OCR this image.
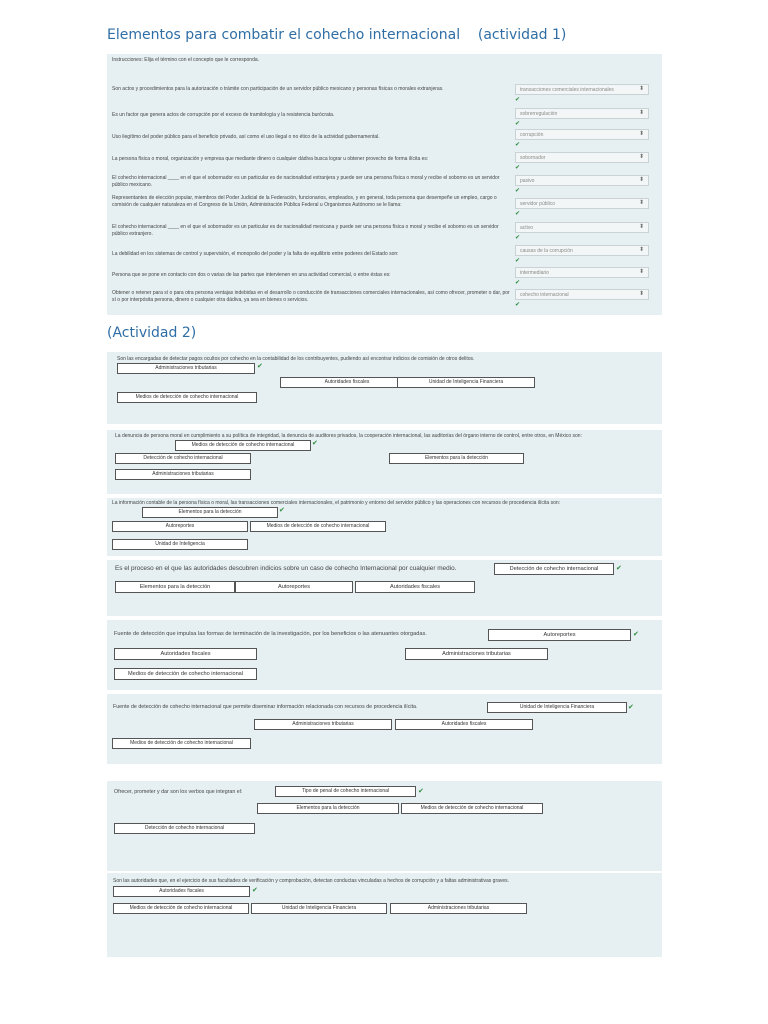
Elementos para combatir el cohecho internacional    (actividad 1)
Instrucciones: Elija el término con el concepto que le corresponda.
Son actos y procedimientos para la autorización o trámite con participación de un servidor público mexicano y personas físicas o morales extranjeras.	transacciones comerciales internacionales	⬍
✔
Es un factor que genera actos de corrupción por el exceso de tramitología y la resistencia burócrata.	sobrerregulación	⬍
✔
Uso ilegítimo del poder público para el beneficio privado, así como el uso ilegal o no ético de la actividad gubernamental.	corrupción	⬍
✔
La persona física o moral, organización y empresa que mediante dinero o cualquier dádiva busca lograr u obtener provecho de forma ilícita es:	sobornador	⬍
✔
El cohecho internacional ____ en el que el sobornador es un particular es de nacionalidad extranjera y puede ser una persona física o moral y recibe el soborno es un servidor público mexicano.
pasivo	⬍
✔
Representantes de elección popular, miembros del Poder Judicial de la Federación, funcionarios, empleados, y en general, toda persona que desempeñe un empleo, cargo o comisión de cualquier naturaleza en el Congreso de la Unión, Administración Pública Federal u Organismos Autónomo se le llama:	servidor público	⬍
✔
El cohecho internacional ____ en el que el sobornador es un particular es de nacionalidad mexicana y puede ser una persona física o moral y recibe el soborno es un servidor público extranjero.
activo	⬍
✔
La debilidad en los sistemas de control y supervisión, el monopolio del poder y la falta de equilibrio entre poderes del Estado son:	causas de la corrupción	⬍
✔
Persona que se pone en contacto con dos o varias de las partes que intervienen en una actividad comercial, o entre éstas es:	intermediario	⬍
✔
Obtener o retener para sí o para otra persona ventajas indebidas en el desarrollo o conducción de transacciones comerciales internacionales, así como ofrecer, prometer o dar, por sí o por interpósita persona, dinero o cualquier otra dádiva, ya sea en bienes o servicios.
cohecho internacional	⬍
✔
(Actividad 2)
Son las encargadas de detectar pagos ocultos por cohecho en la contabilidad de los contribuyentes, pudiendo así encontrar indicios de comisión de otros delitos.
Administraciones tributarias	✔
Autoridades fiscales	Unidad de Inteligencia Financiera
Medios de detección de cohecho internacional
La denuncia de persona moral en cumplimiento a su política de integridad, la denuncia de auditores privados, la cooperación internacional, las auditorías del órgano interno de control, entre otros, en México son:
Medios de detección de cohecho internacional	✔
Detección de cohecho internacional	Elementos para la detección
Administraciones tributarias
La información contable de la persona física o moral, las transacciones comerciales internacionales, el patrimonio y entorno del servidor público y las operaciones con recursos de procedencia ilícita son:
Elementos para la detección	✔
Autoreportes	Medios de detección de cohecho internacional
Unidad de Inteligencia
Es el proceso en el que las autoridades descubren indicios sobre un caso de cohecho Internacional por cualquier medio.	Detección de cohecho internacional	✔
Elementos para la detección	Autoreportes	Autoridades fiscales
Fuente de detección que impulsa las formas de terminación de la investigación, por los beneficios o las atenuantes otorgadas.	Autoreportes	✔
Autoridades fiscales	Administraciones tributarias
Medios de detección de cohecho internacional
Fuente de detección de cohecho internacional que permite diseminar información relacionada con recursos de procedencia ilícita.	Unidad de Inteligencia Financiera	✔
Administraciones tributarias	Autoridades fiscales
Medios de detección de cohecho internacional
Ofrecer, prometer y dar son los verbos que integran el:	Tipo de penal de cohecho internacional	✔
Elementos para la detección	Medios de detección de cohecho internacional
Detección de cohecho internacional
Son las autoridades que, en el ejercicio de sus facultades de verificación y comprobación, detectan conductas vinculadas a hechos de corrupción y a faltas administrativas graves.
Autoridades fiscales	✔
Medios de detección de cohecho internacional	Unidad de Inteligencia Financiera	Administraciones tributarias
